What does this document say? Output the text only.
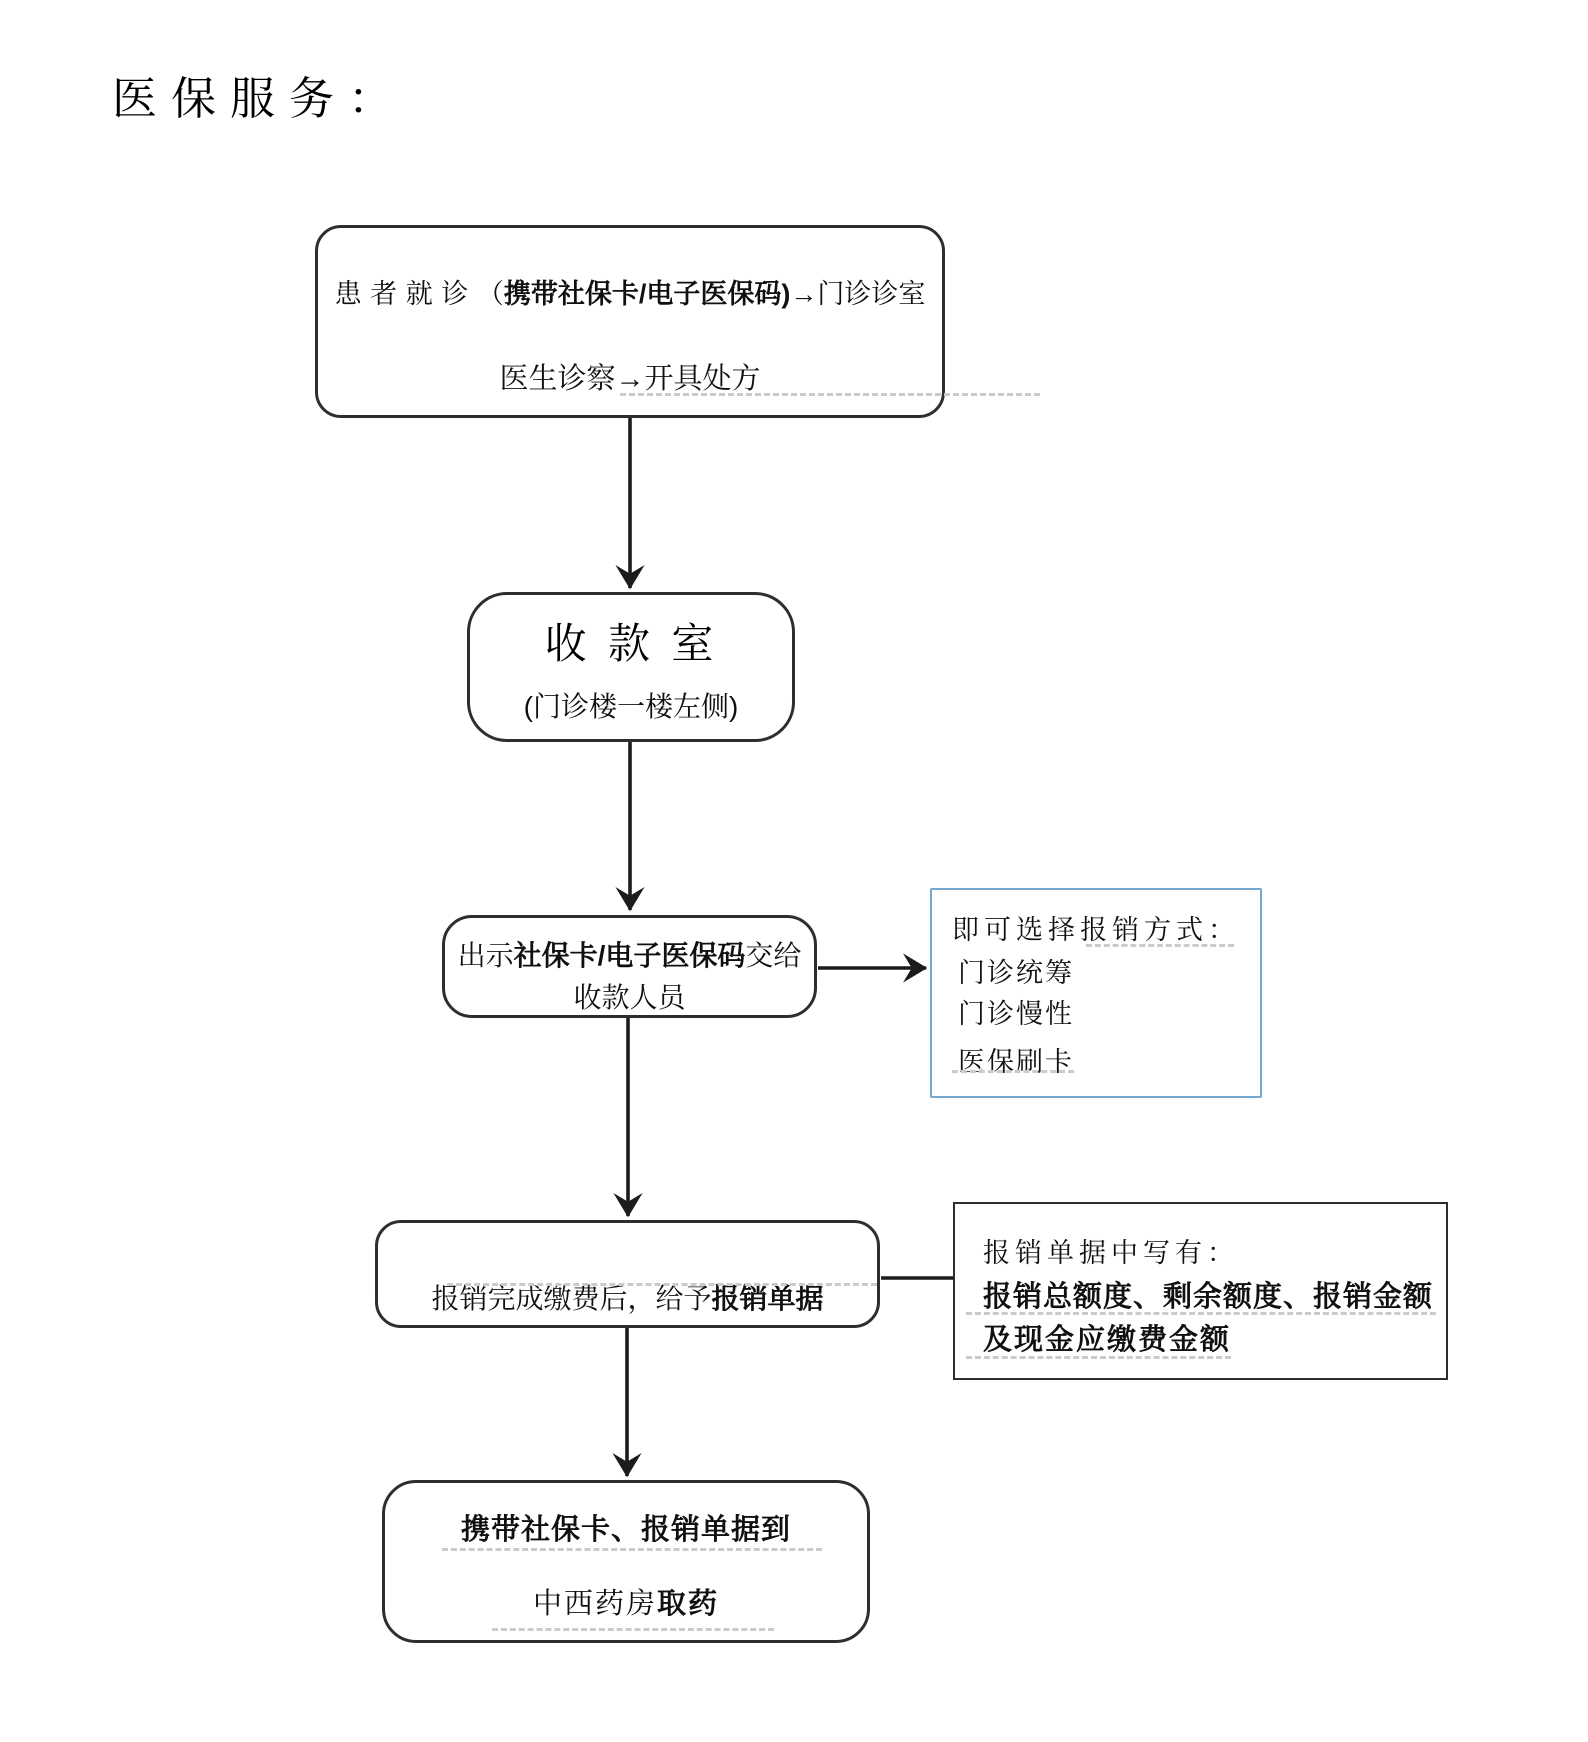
医保服务：
患 者 就 诊 （携带社保卡/电子医保码)→门诊诊室
医生诊察→开具处方
收 款 室
(门诊楼一楼左侧)
出示社保卡/电子医保码交给
收款人员
即可选择报销方式：
门诊统筹
门诊慢性
医保刷卡
报销完成缴费后，给予报销单据
报销单据中写有：
报销总额度、剩余额度、报销金额
及现金应缴费金额
携带社保卡、报销单据到
中西药房取药
